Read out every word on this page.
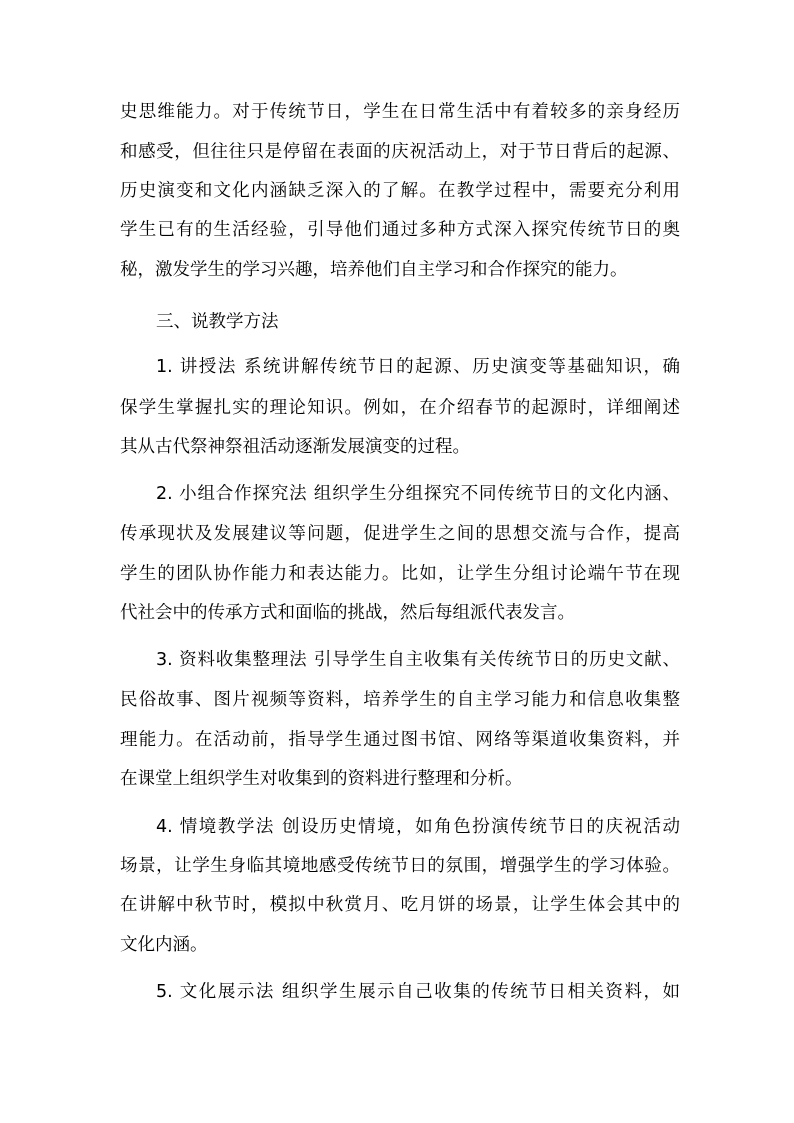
史思维能力。对于传统节日，学生在日常生活中有着较多的亲身经历
和感受，但往往只是停留在表面的庆祝活动上，对于节日背后的起源、
历史演变和文化内涵缺乏深入的了解。在教学过程中，需要充分利用
学生已有的生活经验，引导他们通过多种方式深入探究传统节日的奥
秘，激发学生的学习兴趣，培养他们自主学习和合作探究的能力。
三、说教学方法
1. 讲授法 系统讲解传统节日的起源、历史演变等基础知识，确
保学生掌握扎实的理论知识。例如，在介绍春节的起源时，详细阐述
其从古代祭神祭祖活动逐渐发展演变的过程。
2. 小组合作探究法 组织学生分组探究不同传统节日的文化内涵、
传承现状及发展建议等问题，促进学生之间的思想交流与合作，提高
学生的团队协作能力和表达能力。比如，让学生分组讨论端午节在现
代社会中的传承方式和面临的挑战，然后每组派代表发言。
3. 资料收集整理法 引导学生自主收集有关传统节日的历史文献、
民俗故事、图片视频等资料，培养学生的自主学习能力和信息收集整
理能力。在活动前，指导学生通过图书馆、网络等渠道收集资料，并
在课堂上组织学生对收集到的资料进行整理和分析。
4. 情境教学法 创设历史情境，如角色扮演传统节日的庆祝活动
场景，让学生身临其境地感受传统节日的氛围，增强学生的学习体验。
在讲解中秋节时，模拟中秋赏月、吃月饼的场景，让学生体会其中的
文化内涵。
5. 文化展示法 组织学生展示自己收集的传统节日相关资料，如
